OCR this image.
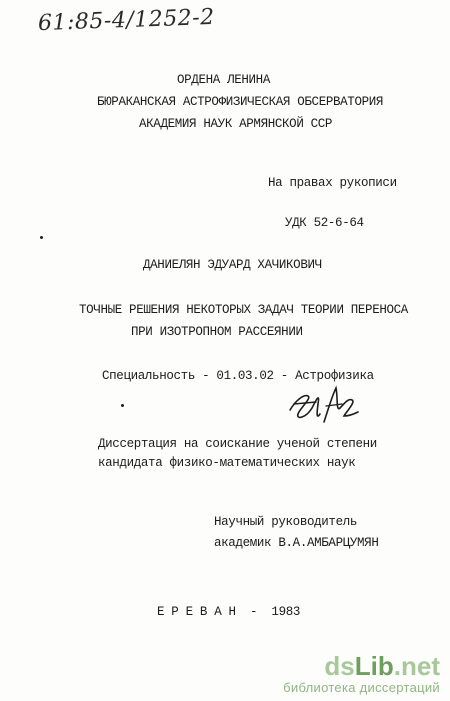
61:85-4/1252-2
ОРДЕНА ЛЕНИНА
БЮРАКАНСКАЯ АСТРОФИЗИЧЕСКАЯ ОБСЕРВАТОРИЯ
АКАДЕМИЯ НАУК АРМЯНСКОЙ ССР
На правах рукописи
УДК 52-6-64
ДАНИЕЛЯН ЭДУАРД ХАЧИКОВИЧ
ТОЧНЫЕ РЕШЕНИЯ НЕКОТОРЫХ ЗАДАЧ ТЕОРИИ ПЕРЕНОСА
ПРИ ИЗОТРОПНОМ РАССЕЯНИИ
Специальность - 01.03.02 - Астрофизика
Диссертация на соискание ученой степени
кандидата физико-математических наук
Научный руководитель
академик В.А.АМБАРЦУМЯН
Е Р Е В А Н  -  1983
dsLib.net
библиотека диссертаций
